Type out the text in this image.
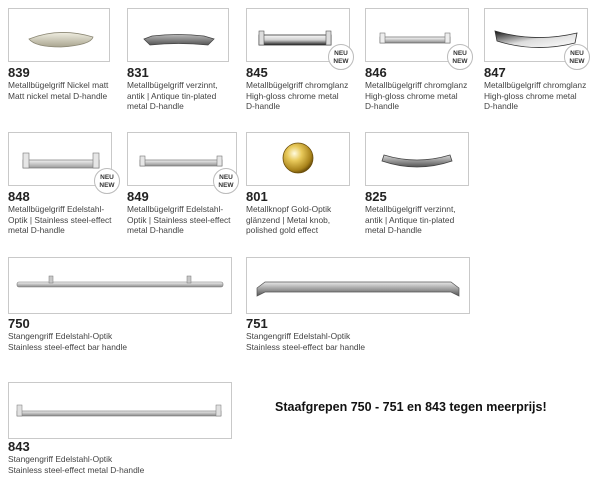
839
Metallbügelgriff Nickel matt
Matt nickel metal D-handle
831
Metallbügelgriff verzinnt,
antik | Antique tin-plated
metal D-handle
NEU
NEW
845
Metallbügelgriff chromglanz
High-gloss chrome metal
D-handle
NEU
NEW
846
Metallbügelgriff chromglanz
High-gloss chrome metal
D-handle
NEU
NEW
847
Metallbügelgriff chromglanz
High-gloss chrome metal
D-handle
NEU
NEW
848
Metallbügelgriff Edelstahl-
Optik | Stainless steel-effect
metal D-handle
NEU
NEW
849
Metallbügelgriff Edelstahl-
Optik | Stainless steel-effect
metal D-handle
801
Metallknopf Gold-Optik
glänzend | Metal knob,
polished gold effect
825
Metallbügelgriff verzinnt,
antik | Antique tin-plated
metal D-handle
750
Stangengriff Edelstahl-Optik
Stainless steel-effect bar handle
751
Stangengriff Edelstahl-Optik
Stainless steel-effect bar handle
843
Stangengriff Edelstahl-Optik
Stainless steel-effect metal D-handle
Staafgrepen 750 - 751 en 843 tegen meerprijs!
